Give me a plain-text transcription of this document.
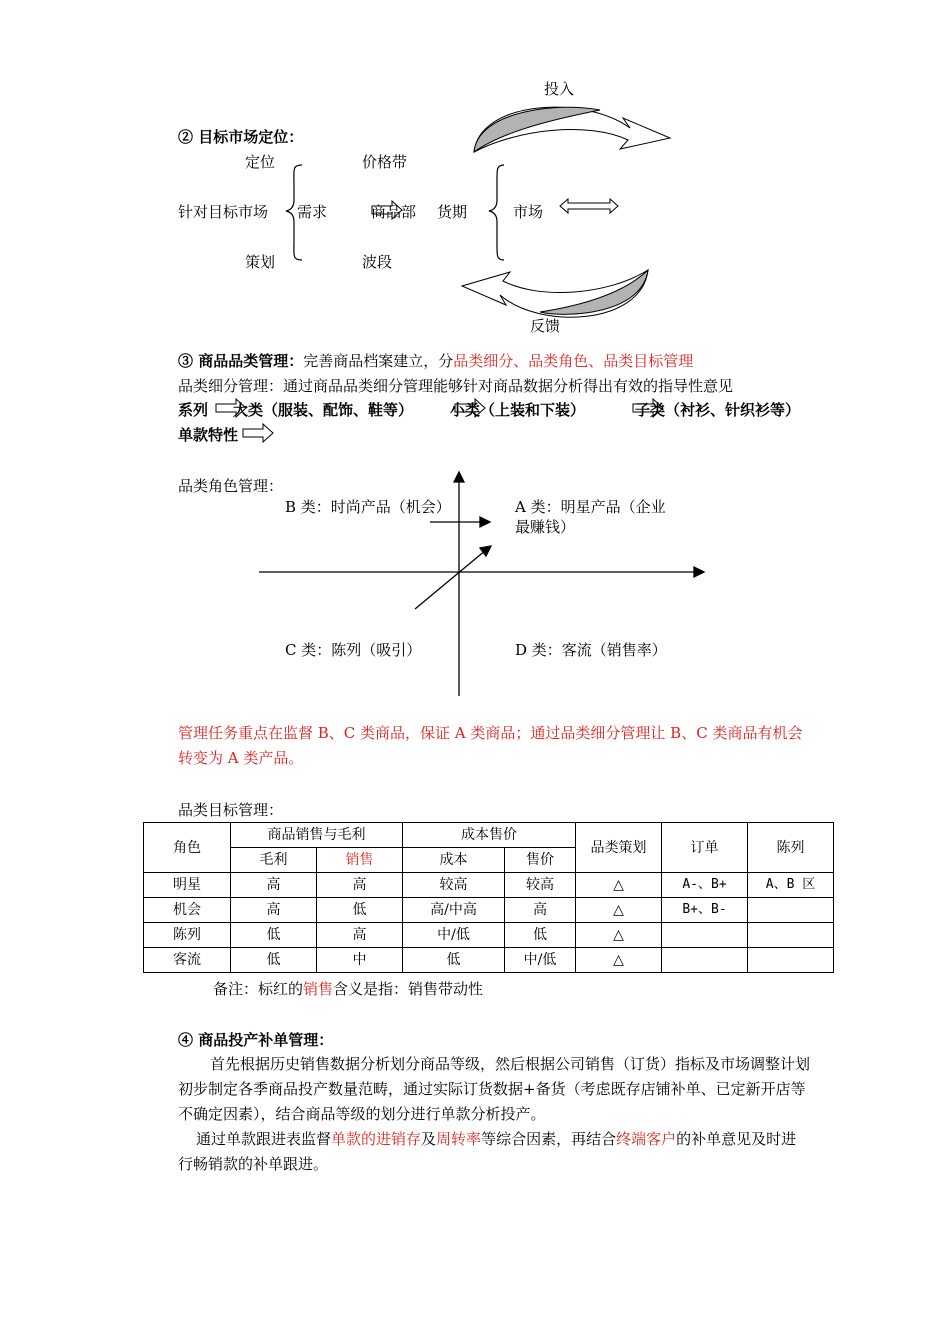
投入
② 目标市场定位：
定位	价格带
针对目标市场 需求	商品部 货期	市场
策划	波段
反馈
③ 商品品类管理：完善商品档案建立，分品类细分、品类角色、品类目标管理
品类细分管理：通过商品品类细分管理能够针对商品数据分析得出有效的指导性意见
系列 大类（服装、配饰、鞋等） 小类（上装和下装）	子类（衬衫、针织衫等）
单款特性
品类角色管理：
B 类：时尚产品（机会）	A 类：明星产品（企业最赚钱）
C 类：陈列（吸引）	D 类：客流（销售率）
管理任务重点在监督 B、C 类商品，保证 A 类商品；通过品类细分管理让 B、C 类商品有机会转变为 A 类产品。
品类目标管理：
角色	商品销售与毛利		成本售价		品类策划	订单	陈列
	毛利	销售	成本	售价			
明星	高	高	较高	较高	△	A-、B+	A、B 区
机会	高	低	高/中高	高	△	B+、B-	
陈列	低	高	中/低	低	△		
客流	低	中	低	中/低	△		
备注：标红的销售含义是指：销售带动性
④ 商品投产补单管理：
首先根据历史销售数据分析划分商品等级，然后根据公司销售（订货）指标及市场调整计划初步制定各季商品投产数量范畴，通过实际订货数据+备货（考虑既存店铺补单、已定新开店等不确定因素），结合商品等级的划分进行单款分析投产。
通过单款跟进表监督单款的进销存及周转率等综合因素，再结合终端客户的补单意见及时进行畅销款的补单跟进。
